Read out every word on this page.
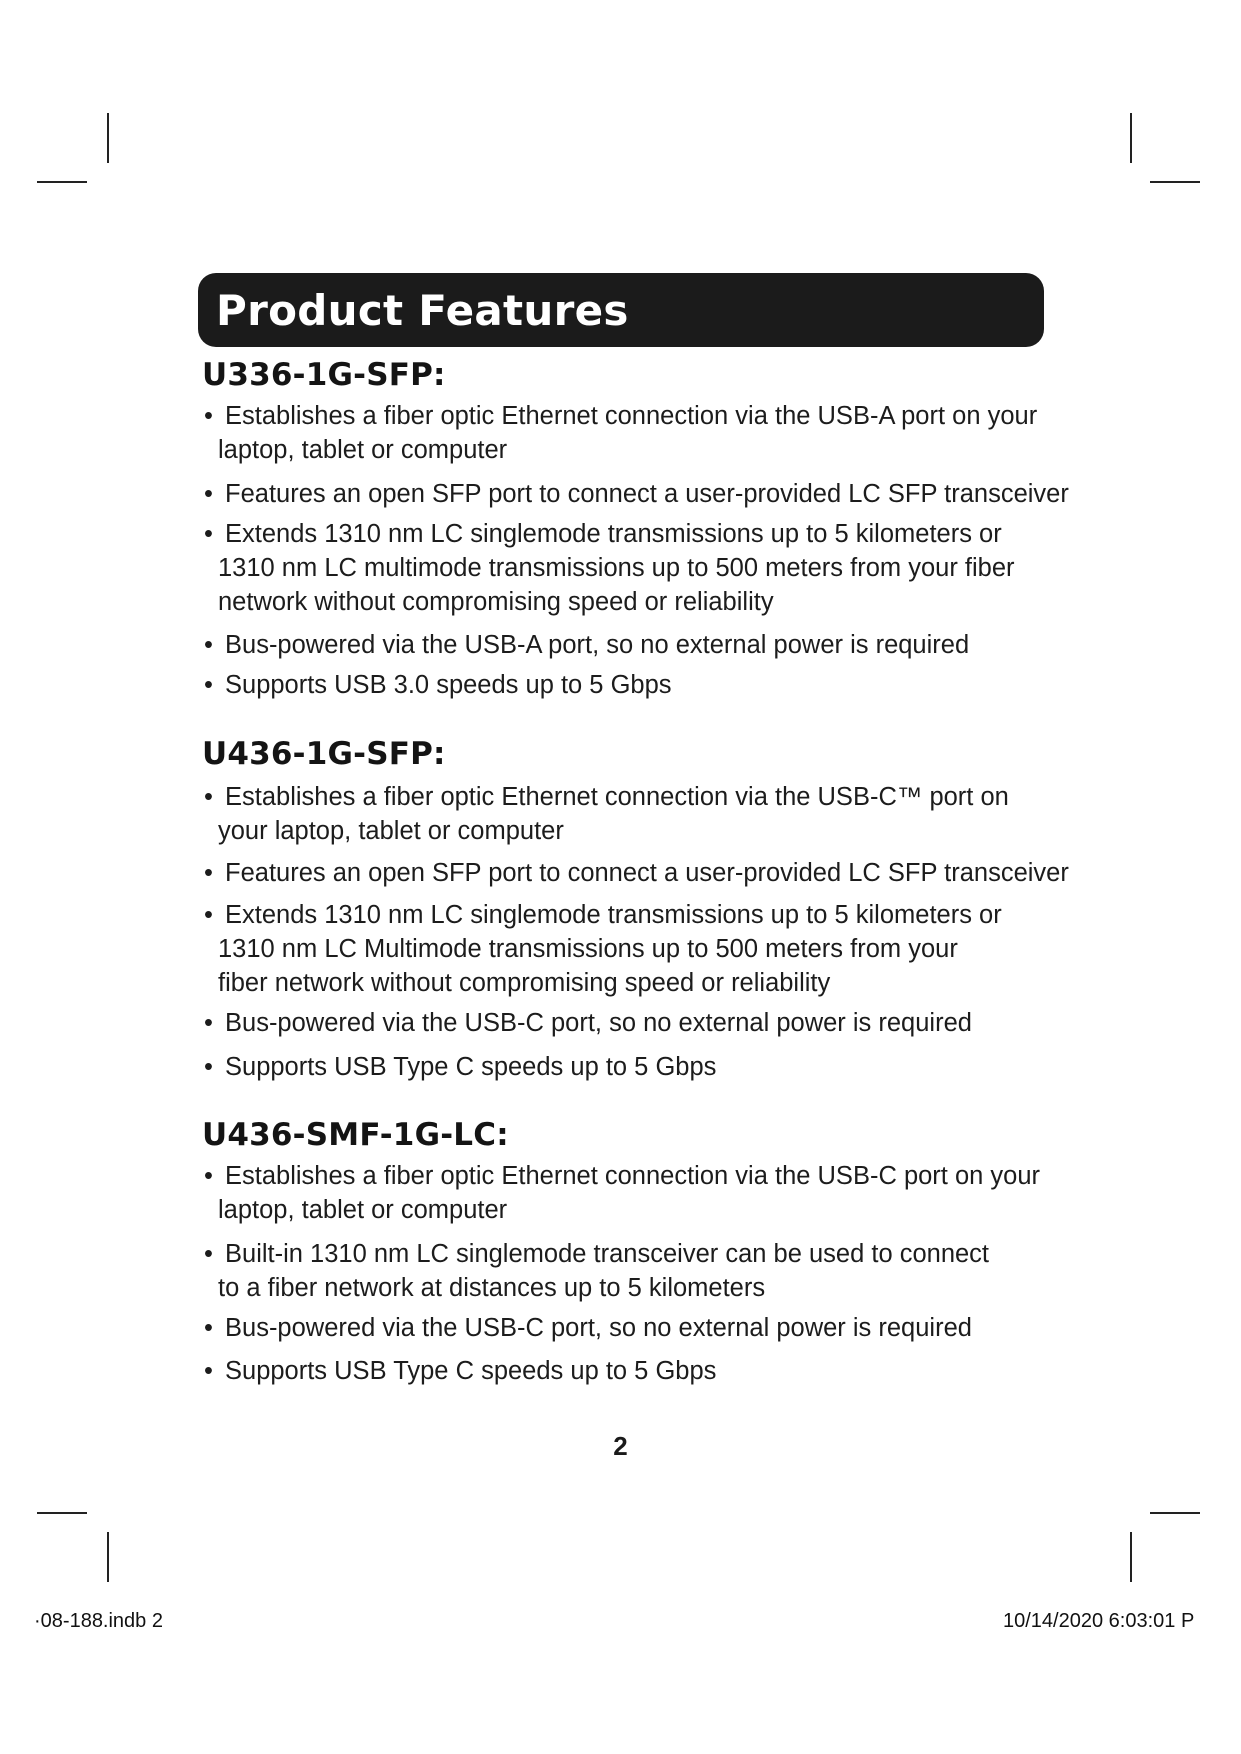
Product Features
U336-1G-SFP:
• Establishes a fiber optic Ethernet connection via the USB-A port on your
laptop, tablet or computer
• Features an open SFP port to connect a user-provided LC SFP transceiver
• Extends 1310 nm LC singlemode transmissions up to 5 kilometers or
1310 nm LC multimode transmissions up to 500 meters from your fiber
network without compromising speed or reliability
• Bus-powered via the USB-A port, so no external power is required
• Supports USB 3.0 speeds up to 5 Gbps
U436-1G-SFP:
• Establishes a fiber optic Ethernet connection via the USB-C™ port on
your laptop, tablet or computer
• Features an open SFP port to connect a user-provided LC SFP transceiver
• Extends 1310 nm LC singlemode transmissions up to 5 kilometers or
1310 nm LC Multimode transmissions up to 500 meters from your
fiber network without compromising speed or reliability
• Bus-powered via the USB-C port, so no external power is required
• Supports USB Type C speeds up to 5 Gbps
U436-SMF-1G-LC:
• Establishes a fiber optic Ethernet connection via the USB-C port on your
laptop, tablet or computer
• Built-in 1310 nm LC singlemode transceiver can be used to connect
to a fiber network at distances up to 5 kilometers
• Bus-powered via the USB-C port, so no external power is required
• Supports USB Type C speeds up to 5 Gbps
2
·08-188.indb 2	10/14/2020 6:03:01 P
